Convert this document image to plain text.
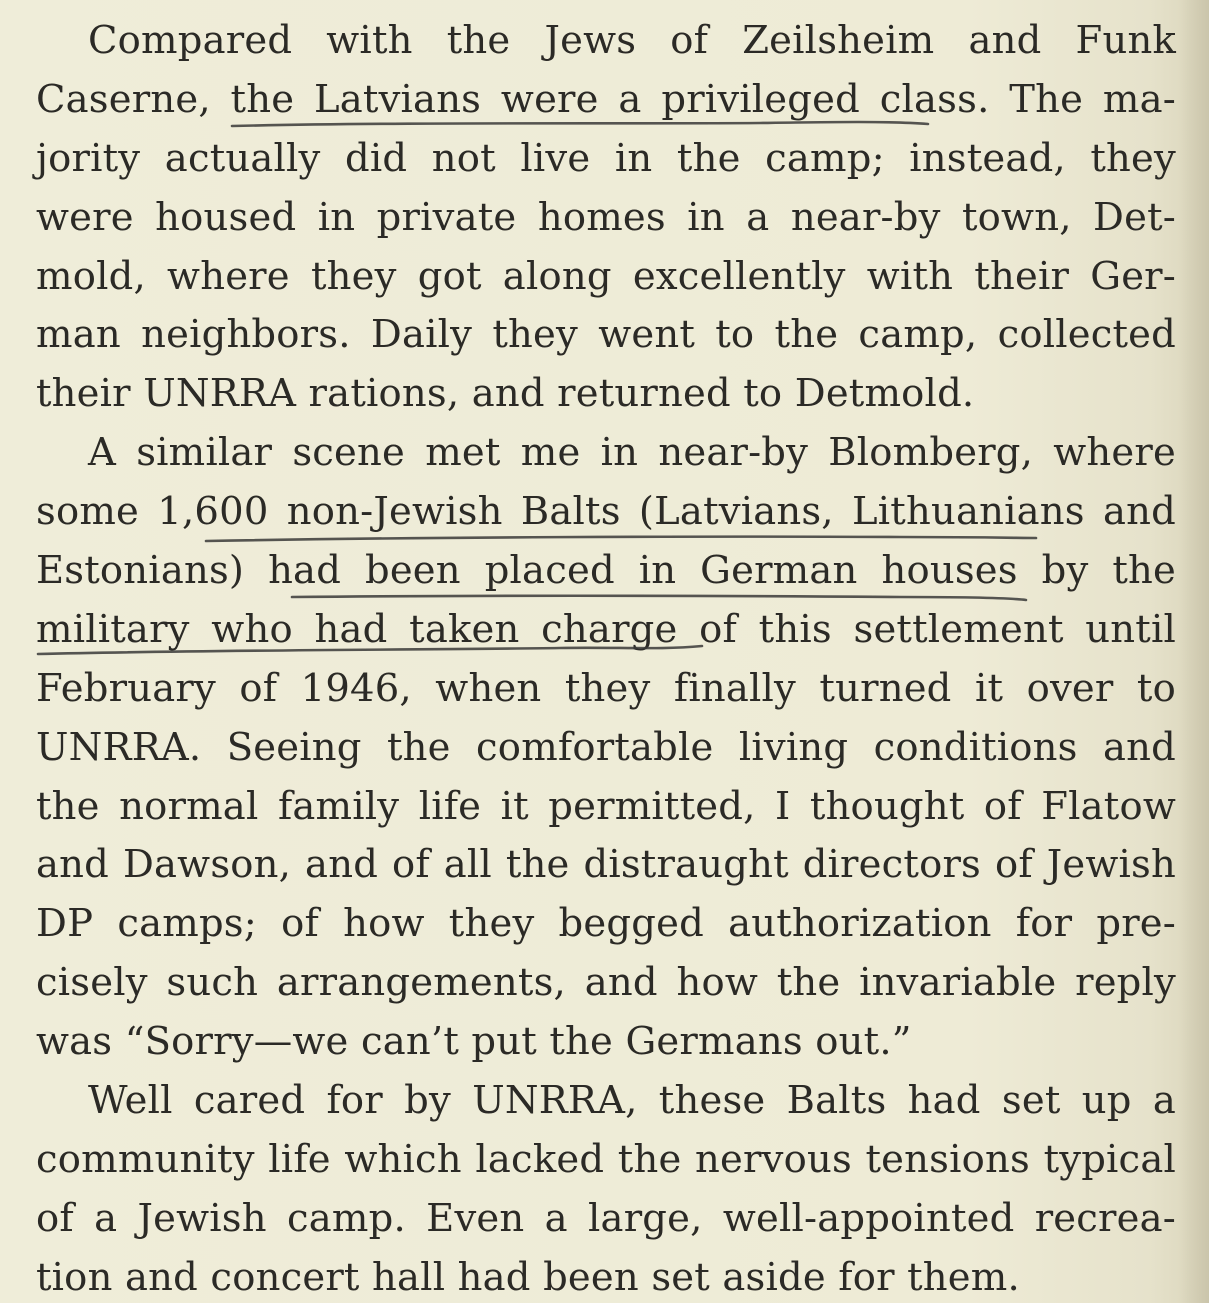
Compared with the Jews of Zeilsheim and Funk
Caserne, the Latvians were a privileged class. The ma-
jority actually did not live in the camp; instead, they
were housed in private homes in a near-by town, Det-
mold, where they got along excellently with their Ger-
man neighbors. Daily they went to the camp, collected
their UNRRA rations, and returned to Detmold.
A similar scene met me in near-by Blomberg, where
some 1,600 non-Jewish Balts (Latvians, Lithuanians and
Estonians) had been placed in German houses by the
military who had taken charge of this settlement until
February of 1946, when they finally turned it over to
UNRRA. Seeing the comfortable living conditions and
the normal family life it permitted, I thought of Flatow
and Dawson, and of all the distraught directors of Jewish
DP camps; of how they begged authorization for pre-
cisely such arrangements, and how the invariable reply
was “Sorry—we can’t put the Germans out.”
Well cared for by UNRRA, these Balts had set up a
community life which lacked the nervous tensions typical
of a Jewish camp. Even a large, well-appointed recrea-
tion and concert hall had been set aside for them.
